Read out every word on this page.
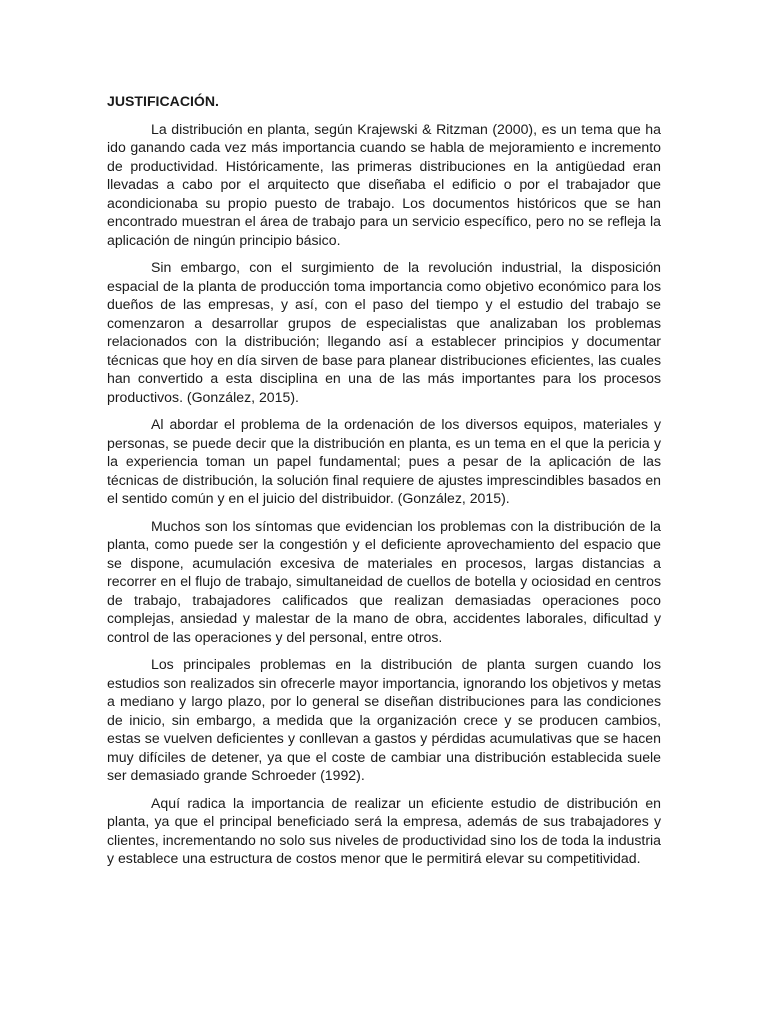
JUSTIFICACIÓN.

La distribución en planta, según Krajewski & Ritzman (2000), es un tema que ha ido ganando cada vez más importancia cuando se habla de mejoramiento e incremento de productividad. Históricamente, las primeras distribuciones en la antigüedad eran llevadas a cabo por el arquitecto que diseñaba el edificio o por el trabajador que acondicionaba su propio puesto de trabajo. Los documentos históricos que se han encontrado muestran el área de trabajo para un servicio específico, pero no se refleja la aplicación de ningún principio básico.

Sin embargo, con el surgimiento de la revolución industrial, la disposición espacial de la planta de producción toma importancia como objetivo económico para los dueños de las empresas, y así, con el paso del tiempo y el estudio del trabajo se comenzaron a desarrollar grupos de especialistas que analizaban los problemas relacionados con la distribución; llegando así a establecer principios y documentar técnicas que hoy en día sirven de base para planear distribuciones eficientes, las cuales han convertido a esta disciplina en una de las más importantes para los procesos productivos. (González, 2015).

Al abordar el problema de la ordenación de los diversos equipos, materiales y personas, se puede decir que la distribución en planta, es un tema en el que la pericia y la experiencia toman un papel fundamental; pues a pesar de la aplicación de las técnicas de distribución, la solución final requiere de ajustes imprescindibles basados en el sentido común y en el juicio del distribuidor. (González, 2015).

Muchos son los síntomas que evidencian los problemas con la distribución de la planta, como puede ser la congestión y el deficiente aprovechamiento del espacio que se dispone, acumulación excesiva de materiales en procesos, largas distancias a recorrer en el flujo de trabajo, simultaneidad de cuellos de botella y ociosidad en centros de trabajo, trabajadores calificados que realizan demasiadas operaciones poco complejas, ansiedad y malestar de la mano de obra, accidentes laborales, dificultad y control de las operaciones y del personal, entre otros.

Los principales problemas en la distribución de planta surgen cuando los estudios son realizados sin ofrecerle mayor importancia, ignorando los objetivos y metas a mediano y largo plazo, por lo general se diseñan distribuciones para las condiciones de inicio, sin embargo, a medida que la organización crece y se producen cambios, estas se vuelven deficientes y conllevan a gastos y pérdidas acumulativas que se hacen muy difíciles de detener, ya que el coste de cambiar una distribución establecida suele ser demasiado grande Schroeder (1992).

Aquí radica la importancia de realizar un eficiente estudio de distribución en planta, ya que el principal beneficiado será la empresa, además de sus trabajadores y clientes, incrementando no solo sus niveles de productividad sino los de toda la industria y establece una estructura de costos menor que le permitirá elevar su competitividad.
